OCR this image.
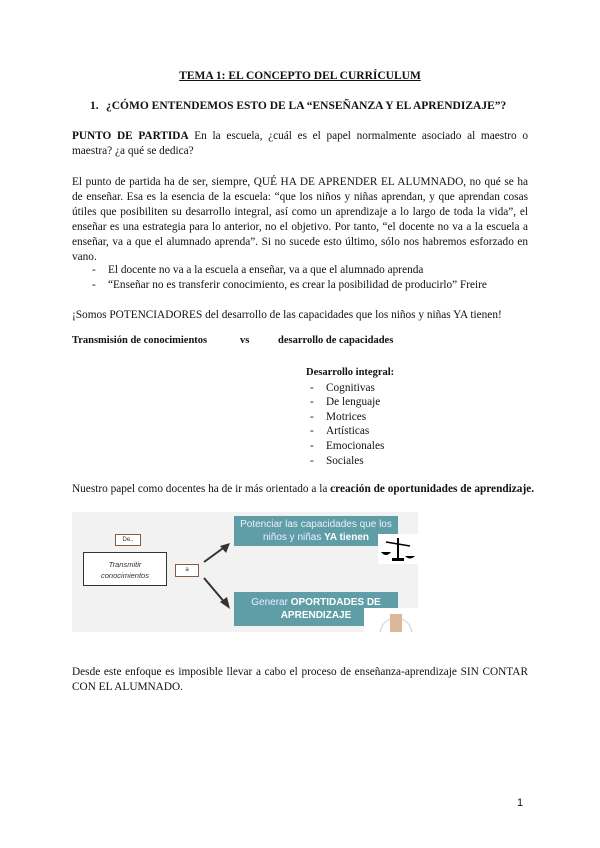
TEMA 1: EL CONCEPTO DEL CURRÍCULUM
1. ¿CÓMO ENTENDEMOS ESTO DE LA “ENSEÑANZA Y EL APRENDIZAJE”?
PUNTO DE PARTIDA En la escuela, ¿cuál es el papel normalmente asociado al maestro o maestra? ¿a qué se dedica?
El punto de partida ha de ser, siempre, QUÉ HA DE APRENDER EL ALUMNADO, no qué se ha de enseñar. Esa es la esencia de la escuela: “que los niños y niñas aprendan, y que aprendan cosas útiles que posibiliten su desarrollo integral, así como un aprendizaje a lo largo de toda la vida”, el enseñar es una estrategia para lo anterior, no el objetivo. Por tanto, “el docente no va a la escuela a enseñar, va a que el alumnado aprenda”. Si no sucede esto último, sólo nos habremos esforzado en vano.
- El docente no va a la escuela a enseñar, va a que el alumnado aprenda
- “Enseñar no es transferir conocimiento, es crear la posibilidad de producirlo” Freire
¡Somos POTENCIADORES del desarrollo de las capacidades que los niños y niñas YA tienen!
Transmisión de conocimientos	vs	desarrollo de capacidades
Desarrollo integral:
- Cognitivas
- De lenguaje
- Motrices
- Artísticas
- Emocionales
- Sociales
Nuestro papel como docentes ha de ir más orientado a la creación de oportunidades de aprendizaje.
De..
Transmitir conocimientos
a
Potenciar las capacidades que los niños y niñas YA tienen
Generar OPORTIDADES DE APRENDIZAJE
Desde este enfoque es imposible llevar a cabo el proceso de enseñanza-aprendizaje SIN CONTAR CON EL ALUMNADO.
1
